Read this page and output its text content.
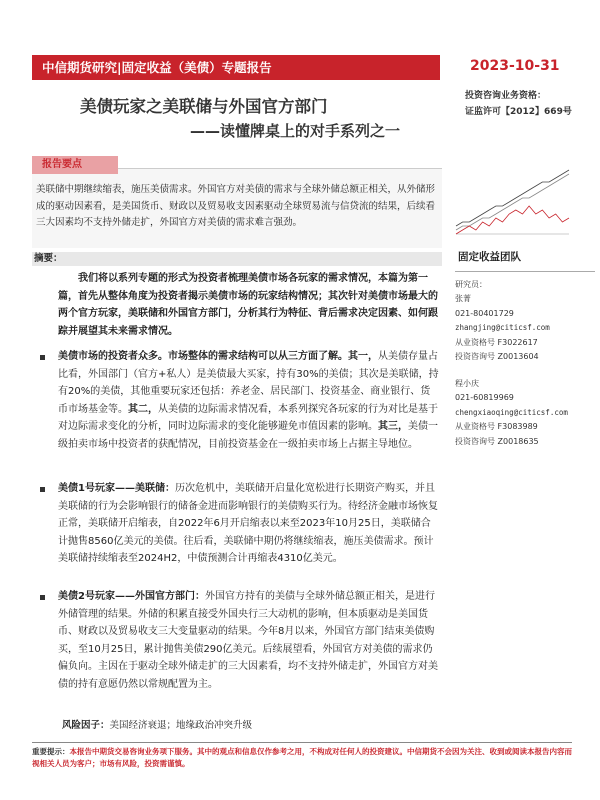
中信期货研究|固定收益（美债）专题报告	2023-10-31
投资咨询业务资格：
证监许可【2012】669号
美债玩家之美联储与外国官方部门
——读懂牌桌上的对手系列之一
报告要点
美联储中期继续缩表，施压美债需求。外国官方对美债的需求与全球外储总额正相关，从外储形成的驱动因素看，是美国货币、财政以及贸易收支因素驱动全球贸易流与信贷流的结果，后续看三大因素均不支持外储走扩，外国官方对美债的需求难言强劲。
摘要：

我们将以系列专题的形式为投资者梳理美债市场各玩家的需求情况，本篇为第一篇，首先从整体角度为投资者揭示美债市场的玩家结构情况；其次针对美债市场最大的两个官方玩家，美联储和外国官方部门，分析其行为特征、背后需求决定因素、如何跟踪并展望其未来需求情况。

美债市场的投资者众多。市场整体的需求结构可以从三方面了解。其一，从美债存量占比看，外国部门（官方+私人）是美债最大买家，持有30%的美债；其次是美联储，持有20%的美债，其他重要玩家还包括：养老金、居民部门、投资基金、商业银行、货币市场基金等。其二，从美债的边际需求情况看，本系列探究各玩家的行为对比是基于对边际需求变化的分析，同时边际需求的变化能够避免市值因素的影响。其三，美债一级拍卖市场中投资者的获配情况，目前投资基金在一级拍卖市场上占据主导地位。

美债1号玩家——美联储：历次危机中，美联储开启量化宽松进行长期资产购买，并且美联储的行为会影响银行的储备金进而影响银行的美债购买行为。待经济金融市场恢复正常，美联储开启缩表，自2022年6月开启缩表以来至2023年10月25日，美联储合计抛售8560亿美元的美债。往后看，美联储中期仍将继续缩表，施压美债需求。预计美联储持续缩表至2024H2，中债预测合计再缩表4310亿美元。

美债2号玩家——外国官方部门：外国官方持有的美债与全球外储总额正相关，是进行外储管理的结果。外储的积累直接受外国央行三大动机的影响，但本质驱动是美国货币、财政以及贸易收支三大变量驱动的结果。今年8月以来，外国官方部门结束美债购买，至10月25日，累计抛售美债290亿美元。后续展望看，外国官方对美债的需求仍偏负向。主因在于驱动全球外储走扩的三大因素看，均不支持外储走扩，外国官方对美债的持有意愿仍然以常规配置为主。

风险因子：美国经济衰退；地缘政治冲突升级
固定收益团队
研究员：
张菁
021-80401729
zhangjing@citicsf.com
从业资格号 F3022617
投资咨询号 Z0013604
程小庆
021-60819969
chengxiaoqing@citicsf.com
从业资格号 F3083989
投资咨询号 Z0018635
重要提示：本报告中期货交易咨询业务项下服务。其中的观点和信息仅作参考之用，不构成对任何人的投资建议。中信期货不会因为关注、收到或阅读本报告内容而视相关人员为客户；市场有风险，投资需谨慎。
